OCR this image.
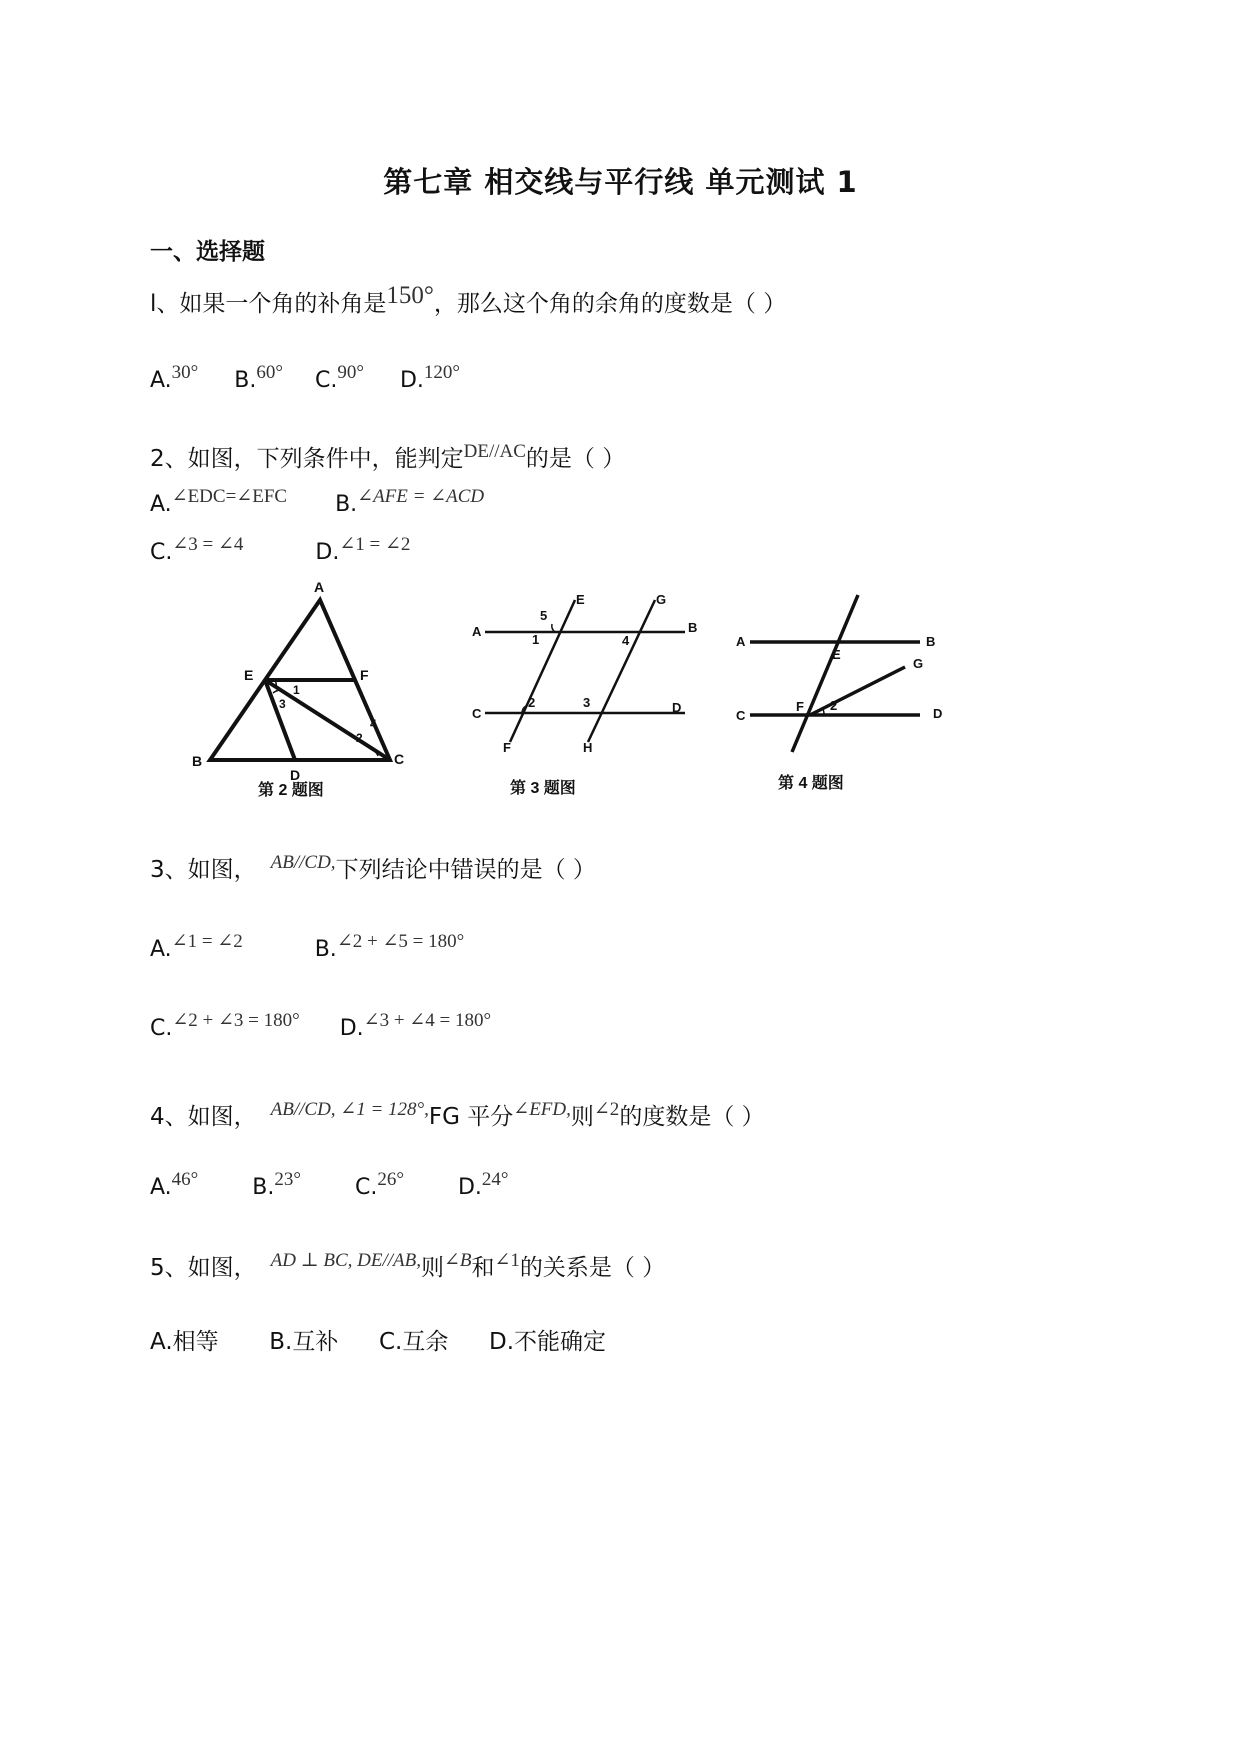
第七章 相交线与平行线 单元测试 1
一、选择题
l、如果一个角的补角是150°，那么这个角的余角的度数是（ ）
A.30° B.60° C.90° D.120°
2、如图，下列条件中，能判定$^{DE//AC}$的是（ ）
A.∠EDC=∠EFC B.∠AFE = ∠ACD
C.∠3 = ∠4	D.∠1 = ∠2
A
B	C
D
E	F
1
2
3
4
第 2 题图
A	B
C	D
E
F
G
H
1
2	3
4
5
第 3 题图
A	B
C	D
E
F
G
2
第 4 题图
3、如图， $^{AB//CD,}$下列结论中错误的是（ ）
A.∠1 = ∠2	B.∠2 + ∠5 = 180°
C.∠2 + ∠3 = 180° D.∠3 + ∠4 = 180°
4、如图， $^{AB//CD, \angle 1 = 128^\circ,}$FG 平分$^{\angle EFD,}$则$^{\angle 2}$的度数是（ ）
A.46° B.23° C.26° D.24°
5、如图， $^{AD \perp BC, DE//AB,}$则$^{\angle B}$和$^{\angle 1}$的关系是（ ）
A.相等 B.互补 C.互余 D.不能确定
